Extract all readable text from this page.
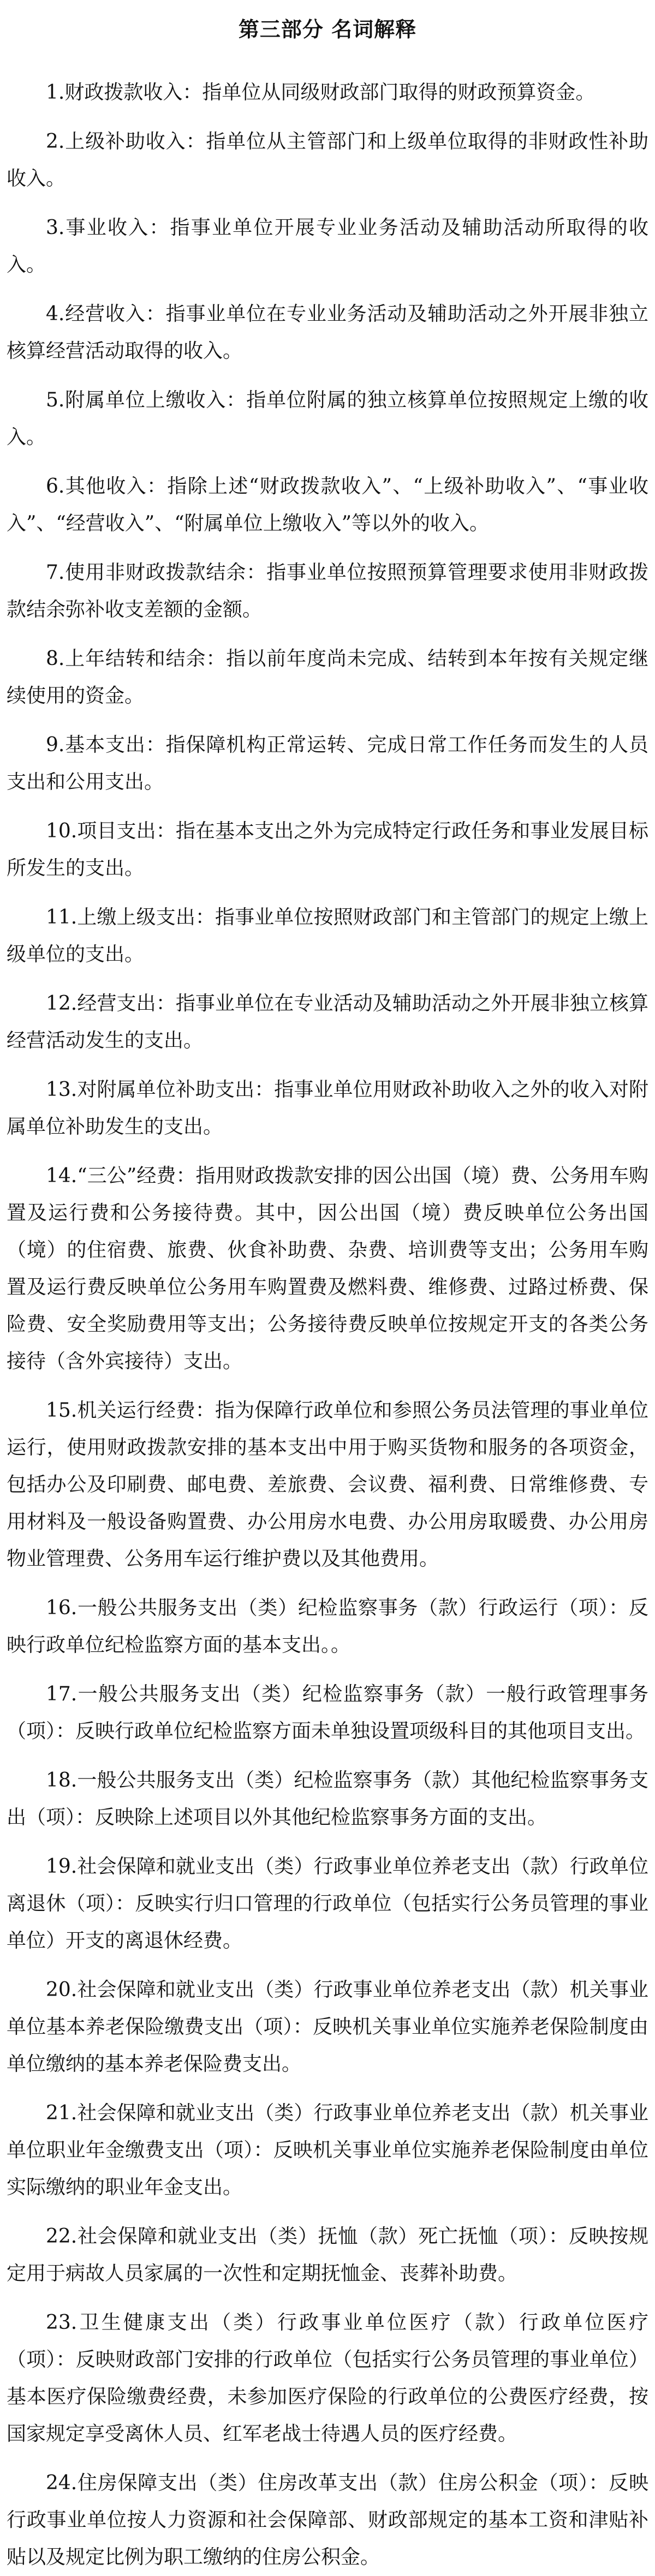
第三部分 名词解释
1.财政拨款收入：指单位从同级财政部门取得的财政预算资金。
2.上级补助收入：指单位从主管部门和上级单位取得的非财政性补助收入。
3.事业收入：指事业单位开展专业业务活动及辅助活动所取得的收入。
4.经营收入：指事业单位在专业业务活动及辅助活动之外开展非独立核算经营活动取得的收入。
5.附属单位上缴收入：指单位附属的独立核算单位按照规定上缴的收入。
6.其他收入：指除上述“财政拨款收入”、“上级补助收入”、“事业收入”、“经营收入”、“附属单位上缴收入”等以外的收入。
7.使用非财政拨款结余：指事业单位按照预算管理要求使用非财政拨款结余弥补收支差额的金额。
8.上年结转和结余：指以前年度尚未完成、结转到本年按有关规定继续使用的资金。
9.基本支出：指保障机构正常运转、完成日常工作任务而发生的人员支出和公用支出。
10.项目支出：指在基本支出之外为完成特定行政任务和事业发展目标所发生的支出。
11.上缴上级支出：指事业单位按照财政部门和主管部门的规定上缴上级单位的支出。
12.经营支出：指事业单位在专业活动及辅助活动之外开展非独立核算经营活动发生的支出。
13.对附属单位补助支出：指事业单位用财政补助收入之外的收入对附属单位补助发生的支出。
14.“三公”经费：指用财政拨款安排的因公出国（境）费、公务用车购置及运行费和公务接待费。其中，因公出国（境）费反映单位公务出国（境）的住宿费、旅费、伙食补助费、杂费、培训费等支出；公务用车购置及运行费反映单位公务用车购置费及燃料费、维修费、过路过桥费、保险费、安全奖励费用等支出；公务接待费反映单位按规定开支的各类公务接待（含外宾接待）支出。
15.机关运行经费：指为保障行政单位和参照公务员法管理的事业单位运行，使用财政拨款安排的基本支出中用于购买货物和服务的各项资金，包括办公及印刷费、邮电费、差旅费、会议费、福利费、日常维修费、专用材料及一般设备购置费、办公用房水电费、办公用房取暖费、办公用房物业管理费、公务用车运行维护费以及其他费用。
16.一般公共服务支出（类）纪检监察事务（款）行政运行（项）：反映行政单位纪检监察方面的基本支出。。
17.一般公共服务支出（类）纪检监察事务（款）一般行政管理事务（项）：反映行政单位纪检监察方面未单独设置项级科目的其他项目支出。
18.一般公共服务支出（类）纪检监察事务（款）其他纪检监察事务支出（项）：反映除上述项目以外其他纪检监察事务方面的支出。
19.社会保障和就业支出（类）行政事业单位养老支出（款）行政单位离退休（项）：反映实行归口管理的行政单位（包括实行公务员管理的事业单位）开支的离退休经费。
20.社会保障和就业支出（类）行政事业单位养老支出（款）机关事业单位基本养老保险缴费支出（项）：反映机关事业单位实施养老保险制度由单位缴纳的基本养老保险费支出。
21.社会保障和就业支出（类）行政事业单位养老支出（款）机关事业单位职业年金缴费支出（项）：反映机关事业单位实施养老保险制度由单位实际缴纳的职业年金支出。
22.社会保障和就业支出（类）抚恤（款）死亡抚恤（项）：反映按规定用于病故人员家属的一次性和定期抚恤金、丧葬补助费。
23.卫生健康支出（类）行政事业单位医疗（款）行政单位医疗（项）：反映财政部门安排的行政单位（包括实行公务员管理的事业单位）基本医疗保险缴费经费，未参加医疗保险的行政单位的公费医疗经费，按国家规定享受离休人员、红军老战士待遇人员的医疗经费。
24.住房保障支出（类）住房改革支出（款）住房公积金（项）：反映行政事业单位按人力资源和社会保障部、财政部规定的基本工资和津贴补贴以及规定比例为职工缴纳的住房公积金。
